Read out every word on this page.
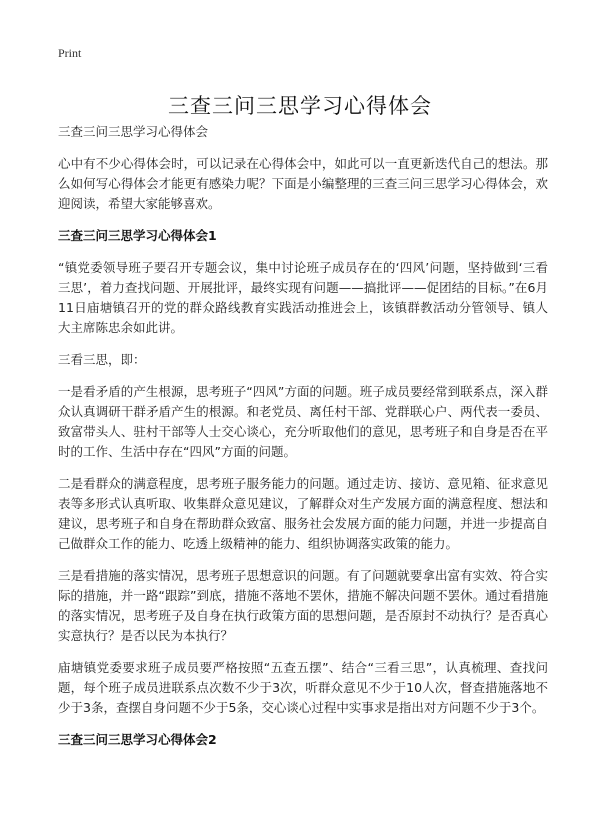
Print
三查三问三思学习心得体会

三查三问三思学习心得体会

心中有不少心得体会时，可以记录在心得体会中，如此可以一直更新迭代自己的想法。那么如何写心得体会才能更有感染力呢？下面是小编整理的三查三问三思学习心得体会，欢迎阅读，希望大家能够喜欢。

三查三问三思学习心得体会1

“镇党委领导班子要召开专题会议，集中讨论班子成员存在的‘四风’问题，坚持做到‘三看三思’，着力查找问题、开展批评，最终实现有问题——搞批评——促团结的目标。”在6月11日庙塘镇召开的党的群众路线教育实践活动推进会上，该镇群教活动分管领导、镇人大主席陈忠余如此讲。

三看三思，即：

一是看矛盾的产生根源，思考班子“四风”方面的问题。班子成员要经常到联系点，深入群众认真调研干群矛盾产生的根源。和老党员、离任村干部、党群联心户、两代表一委员、致富带头人、驻村干部等人士交心谈心，充分听取他们的意见，思考班子和自身是否在平时的工作、生活中存在“四风”方面的问题。

二是看群众的满意程度，思考班子服务能力的问题。通过走访、接访、意见箱、征求意见表等多形式认真听取、收集群众意见建议，了解群众对生产发展方面的满意程度、想法和建议，思考班子和自身在帮助群众致富、服务社会发展方面的能力问题，并进一步提高自己做群众工作的能力、吃透上级精神的能力、组织协调落实政策的能力。

三是看措施的落实情况，思考班子思想意识的问题。有了问题就要拿出富有实效、符合实际的措施，并一路“跟踪”到底，措施不落地不罢休，措施不解决问题不罢休。通过看措施的落实情况，思考班子及自身在执行政策方面的思想问题，是否原封不动执行？是否真心实意执行？是否以民为本执行？

庙塘镇党委要求班子成员要严格按照“五查五摆”、结合“三看三思”，认真梳理、查找问题，每个班子成员进联系点次数不少于3次，听群众意见不少于10人次，督查措施落地不少于3条，查摆自身问题不少于5条，交心谈心过程中实事求是指出对方问题不少于3个。

三查三问三思学习心得体会2
